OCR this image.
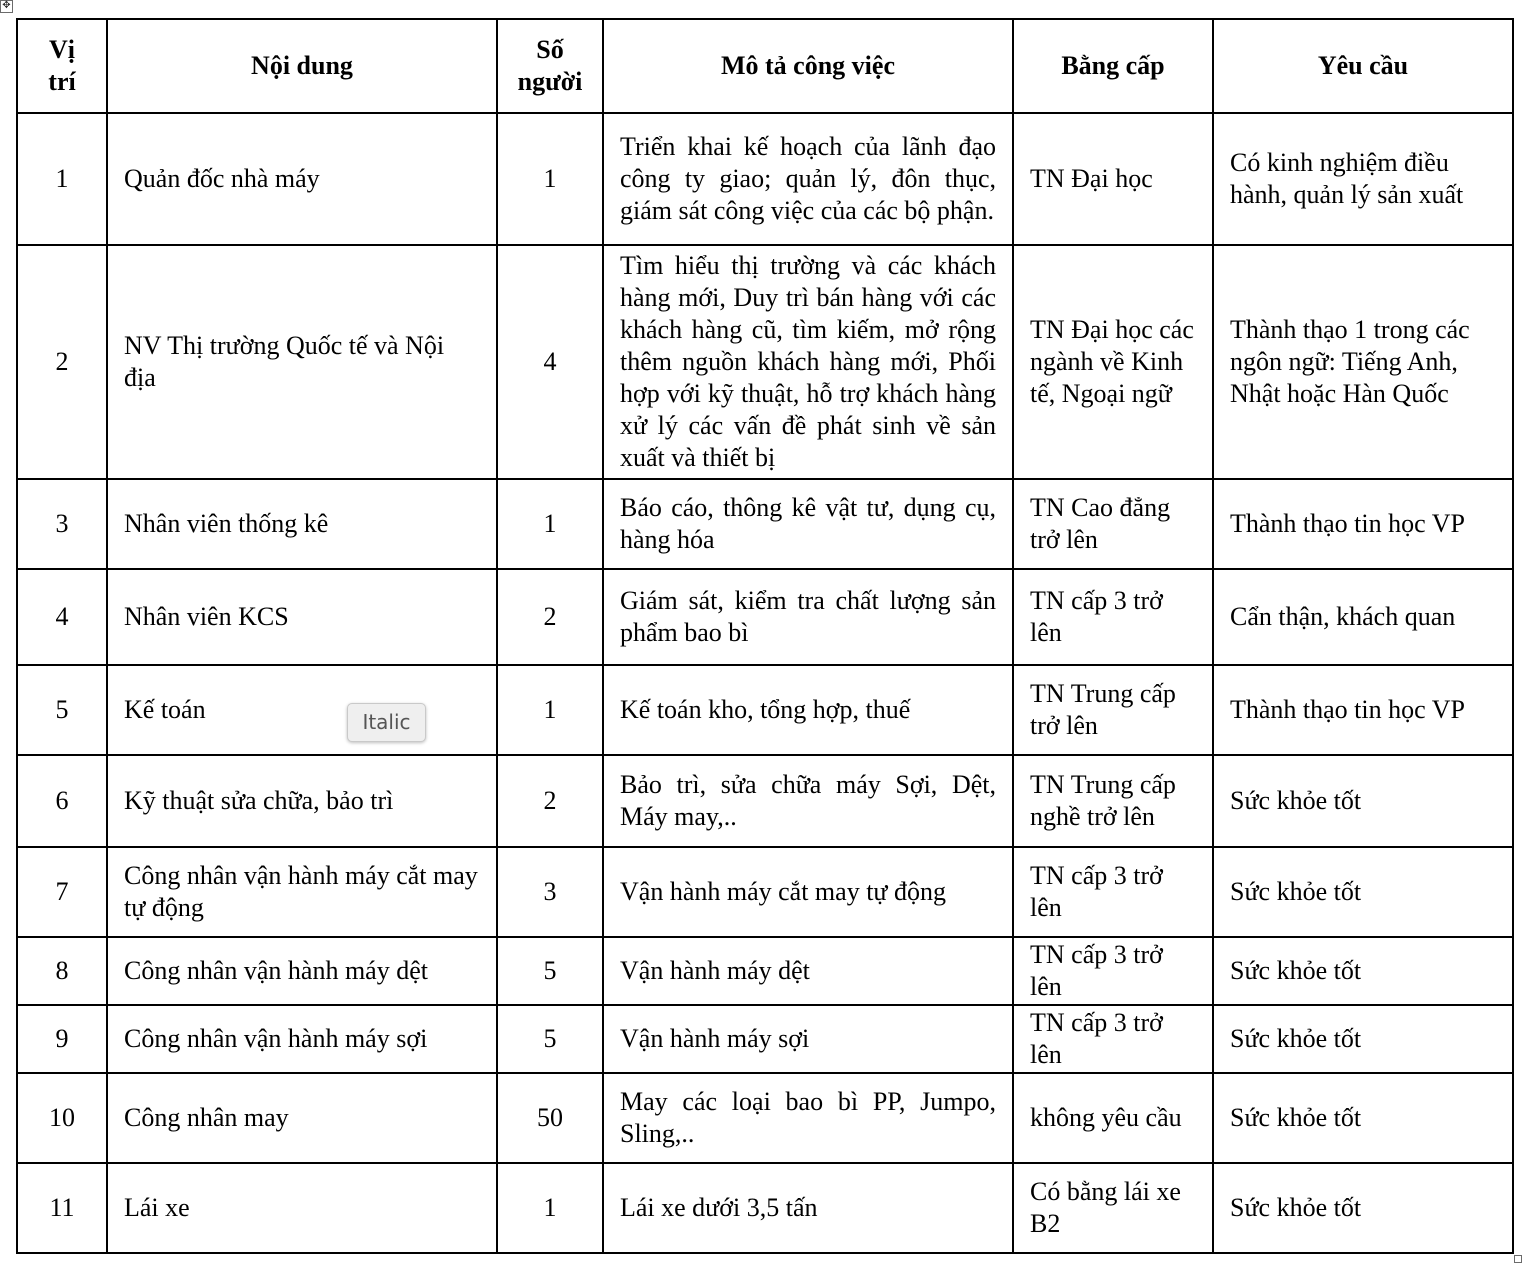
✥
Vị trí	Nội dung	Số người	Mô tả công việc	Bằng cấp	Yêu cầu
1	Quản đốc nhà máy	1	Triển khai kế hoạch của lãnh đạo công ty giao; quản lý, đôn thục, giám sát công việc của các bộ phận.	TN Đại học	Có kinh nghiệm điều hành, quản lý sản xuất
2	NV Thị trường Quốc tế và Nội địa	4	Tìm hiểu thị trường và các khách hàng mới, Duy trì bán hàng với các khách hàng cũ, tìm kiếm, mở rộng thêm nguồn khách hàng mới, Phối hợp với kỹ thuật, hỗ trợ khách hàng xử lý các vấn đề phát sinh về sản xuất và thiết bị	TN Đại học các ngành về Kinh tế, Ngoại ngữ	Thành thạo 1 trong các ngôn ngữ: Tiếng Anh, Nhật hoặc Hàn Quốc
3	Nhân viên thống kê	1	Báo cáo, thông kê vật tư, dụng cụ, hàng hóa	TN Cao đẳng trở lên	Thành thạo tin học VP
4	Nhân viên KCS	2	Giám sát, kiểm tra chất lượng sản phẩm bao bì	TN cấp 3 trở lên	Cẩn thận, khách quan
5	Kế toán	1	Kế toán kho, tổng hợp, thuế	TN Trung cấp trở lên	Thành thạo tin học VP
6	Kỹ thuật sửa chữa, bảo trì	2	Bảo trì, sửa chữa máy Sợi, Dệt, Máy may,..	TN Trung cấp nghề trở lên	Sức khỏe tốt
7	Công nhân vận hành máy cắt may tự động	3	Vận hành máy cắt may tự động	TN cấp 3 trở lên	Sức khỏe tốt
8	Công nhân vận hành máy dệt	5	Vận hành máy dệt	TN cấp 3 trở lên	Sức khỏe tốt
9	Công nhân vận hành máy sợi	5	Vận hành máy sợi	TN cấp 3 trở lên	Sức khỏe tốt
10	Công nhân may	50	May các loại bao bì PP, Jumpo, Sling,..	không yêu cầu	Sức khỏe tốt
11	Lái xe	1	Lái xe dưới 3,5 tấn	Có bằng lái xe B2	Sức khỏe tốt
Italic
